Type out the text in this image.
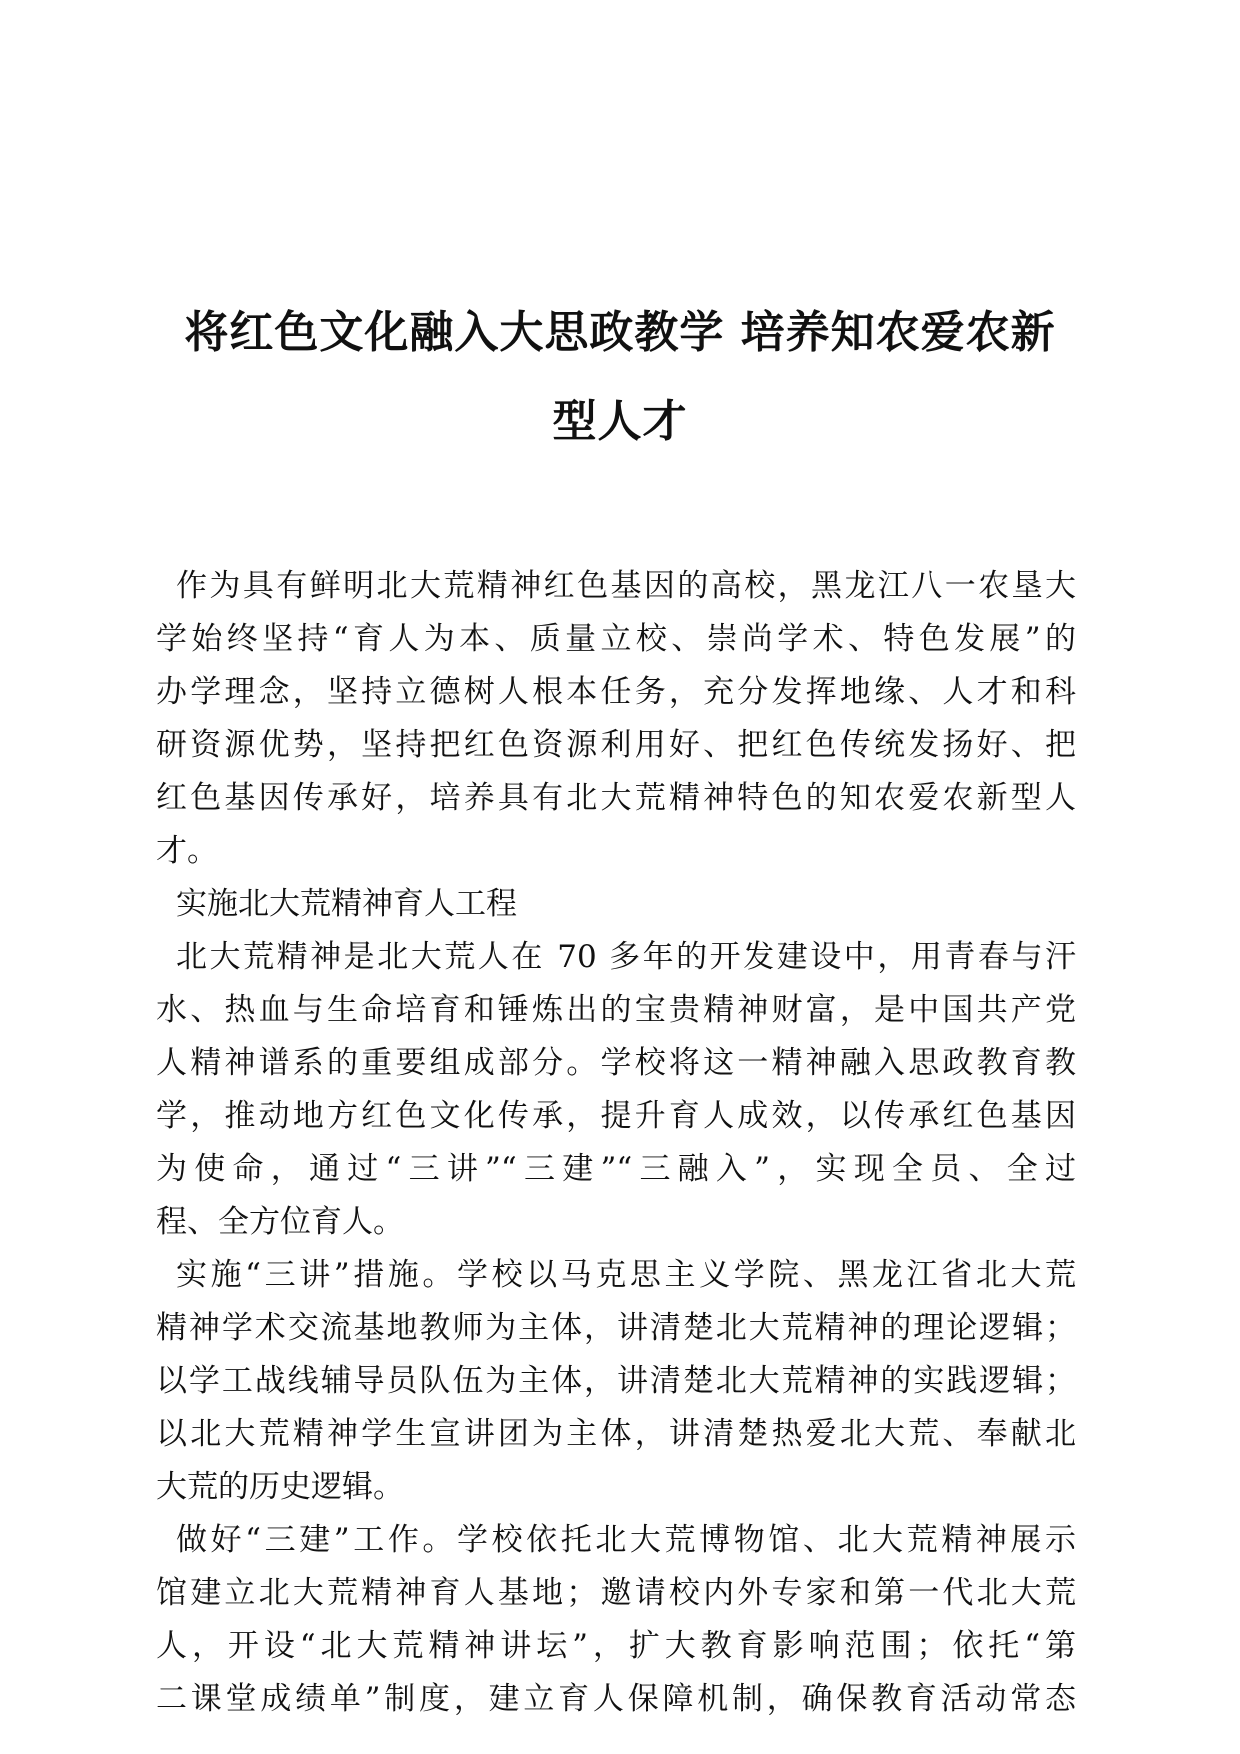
将红色文化融入大思政教学 培养知农爱农新
型人才
作为具有鲜明北大荒精神红色基因的高校，黑龙江八一农垦大
学始终坚持“育人为本、质量立校、崇尚学术、特色发展”的
办学理念，坚持立德树人根本任务，充分发挥地缘、人才和科
研资源优势，坚持把红色资源利用好、把红色传统发扬好、把
红色基因传承好，培养具有北大荒精神特色的知农爱农新型人
才。
实施北大荒精神育人工程
北大荒精神是北大荒人在 70 多年的开发建设中，用青春与汗
水、热血与生命培育和锤炼出的宝贵精神财富，是中国共产党
人精神谱系的重要组成部分。学校将这一精神融入思政教育教
学，推动地方红色文化传承，提升育人成效，以传承红色基因
为使命，通过“三讲”“三建”“三融入”，实现全员、全过
程、全方位育人。
实施“三讲”措施。学校以马克思主义学院、黑龙江省北大荒
精神学术交流基地教师为主体，讲清楚北大荒精神的理论逻辑；
以学工战线辅导员队伍为主体，讲清楚北大荒精神的实践逻辑；
以北大荒精神学生宣讲团为主体，讲清楚热爱北大荒、奉献北
大荒的历史逻辑。
做好“三建”工作。学校依托北大荒博物馆、北大荒精神展示
馆建立北大荒精神育人基地；邀请校内外专家和第一代北大荒
人，开设“北大荒精神讲坛”，扩大教育影响范围；依托“第
二课堂成绩单”制度，建立育人保障机制，确保教育活动常态
